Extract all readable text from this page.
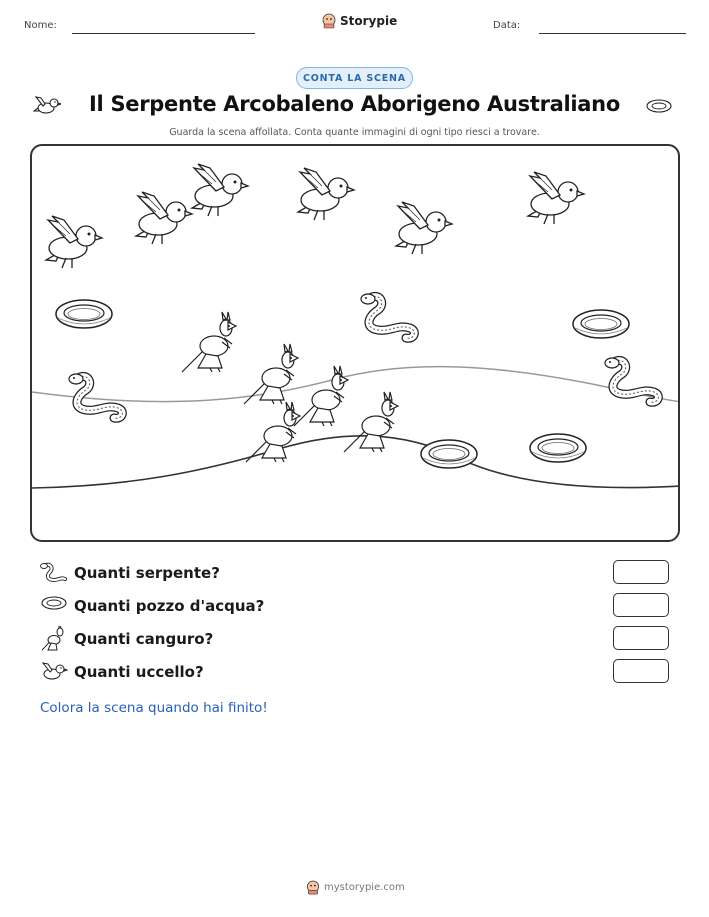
Nome:	Storypie	Data:
CONTA LA SCENA
Il Serpente Arcobaleno Aborigeno Australiano
Guarda la scena affollata. Conta quante immagini di ogni tipo riesci a trovare.
Quanti serpente?
Quanti pozzo d'acqua?
Quanti canguro?
Quanti uccello?
Colora la scena quando hai finito!
mystorypie.com
